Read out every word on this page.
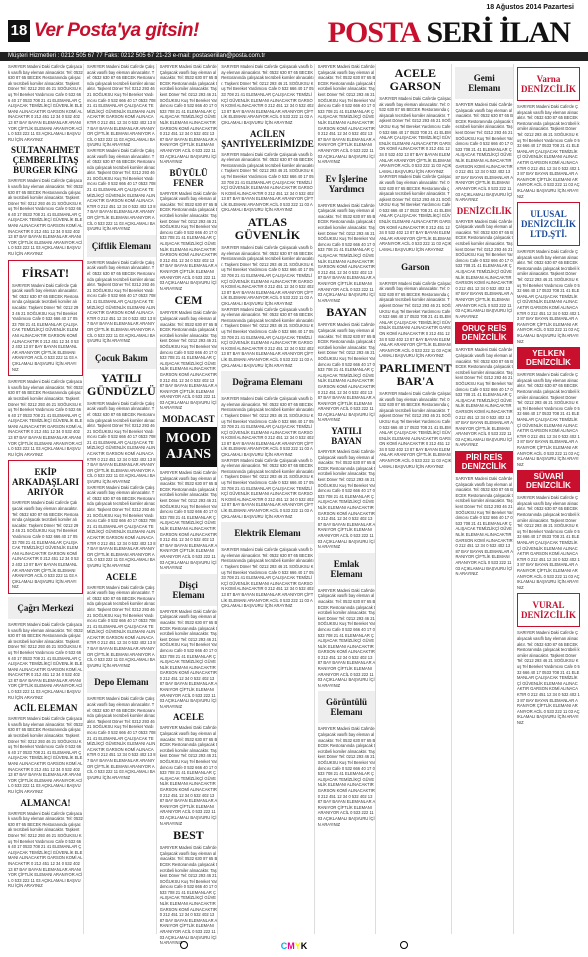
18 Ağustos 2014 Pazartesi
18 Ver Posta'ya gitsin!	POSTA SERİ İLAN
Müşteri Hizmetleri : 0212 505 67 77 Faks: 0212 505 67 21-23 e-mail: postaseriilan@posta.com.tr
SARIYER Madeni Daki Cafe'de Çalışacak vasıflı bay eleman alınacaktır. Tel: 0532 630 87 65 BECEK Restoranında çalışacak tecrübeli komiler alınacaktır. Taşkent Döner Tel: 0212 293 46 21 SOĞUKSU Kuş Tel Bereket Yardımcısı Cafe 0 532 666 40 17 0533 708 21 41 ELEMANLAR ÇALIŞACAK TEMİZLİKÇİ GÜVENLİK ELEMANI ALINACAKTIR GARSON KOMİ ALINACAKTIR 0 212 451 12 34 0 532 402 13 87 BAY BAYAN ELEMANLAR ARANIYOR ÇİFTLİK ELEMANI ARANIYOR ACİL 0 533 222 11 03 AÇIKLAMALI BAŞVURU İÇİN ARAYINIZ
SULTANAHMET ÇEMBERLİTAŞ BURGER KİNG
SARIYER Madeni Daki Cafe'de Çalışacak vasıflı bay eleman alınacaktır. Tel: 0532 630 87 65 BECEK Restoranında çalışacak tecrübeli komiler alınacaktır. Taşkent Döner Tel: 0212 293 46 21 SOĞUKSU Kuş Tel Bereket Yardımcısı Cafe 0 532 666 40 17 0533 708 21 41 ELEMANLAR ÇALIŞACAK TEMİZLİKÇİ GÜVENLİK ELEMANI ALINACAKTIR GARSON KOMİ ALINACAKTIR 0 212 451 12 34 0 532 402 13 87 BAY BAYAN ELEMANLAR ARANIYOR ÇİFTLİK ELEMANI ARANIYOR ACİL 0 533 222 11 03 AÇIKLAMALI BAŞVURU İÇİN ARAYINIZ
FİRSAT!
SARIYER Madeni Daki Cafe'de Çalışacak vasıflı bay eleman alınacaktır. Tel: 0532 630 87 65 BECEK Restoranında çalışacak tecrübeli komiler alınacaktır. Taşkent Döner Tel: 0212 293 46 21 SOĞUKSU Kuş Tel Bereket Yardımcısı Cafe 0 532 666 40 17 0533 708 21 41 ELEMANLAR ÇALIŞACAK TEMİZLİKÇİ GÜVENLİK ELEMANI ALINACAKTIR GARSON KOMİ ALINACAKTIR 0 212 451 12 34 0 532 402 13 87 BAY BAYAN ELEMANLAR ARANIYOR ÇİFTLİK ELEMANI ARANIYOR ACİL 0 533 222 11 03 AÇIKLAMALI BAŞVURU İÇİN ARAYINIZ
SARIYER Madeni Daki Cafe'de Çalışacak vasıflı bay eleman alınacaktır. Tel: 0532 630 87 65 BECEK Restoranında çalışacak tecrübeli komiler alınacaktır. Taşkent Döner Tel: 0212 293 46 21 SOĞUKSU Kuş Tel Bereket Yardımcısı Cafe 0 532 666 40 17 0533 708 21 41 ELEMANLAR ÇALIŞACAK TEMİZLİKÇİ GÜVENLİK ELEMANI ALINACAKTIR GARSON KOMİ ALINACAKTIR 0 212 451 12 34 0 532 402 13 87 BAY BAYAN ELEMANLAR ARANIYOR ÇİFTLİK ELEMANI ARANIYOR ACİL 0 533 222 11 03 AÇIKLAMALI BAŞVURU İÇİN ARAYINIZ
EKİP ARKADAŞLARI ARIYOR
SARIYER Madeni Daki Cafe'de Çalışacak vasıflı bay eleman alınacaktır. Tel: 0532 630 87 65 BECEK Restoranında çalışacak tecrübeli komiler alınacaktır. Taşkent Döner Tel: 0212 293 46 21 SOĞUKSU Kuş Tel Bereket Yardımcısı Cafe 0 532 666 40 17 0533 708 21 41 ELEMANLAR ÇALIŞACAK TEMİZLİKÇİ GÜVENLİK ELEMANI ALINACAKTIR GARSON KOMİ ALINACAKTIR 0 212 451 12 34 0 532 402 13 87 BAY BAYAN ELEMANLAR ARANIYOR ÇİFTLİK ELEMANI ARANIYOR ACİL 0 533 222 11 03 AÇIKLAMALI BAŞVURU İÇİN ARAYINIZ
Çağrı Merkezi
SARIYER Madeni Daki Cafe'de Çalışacak vasıflı bay eleman alınacaktır. Tel: 0532 630 87 65 BECEK Restoranında çalışacak tecrübeli komiler alınacaktır. Taşkent Döner Tel: 0212 293 46 21 SOĞUKSU Kuş Tel Bereket Yardımcısı Cafe 0 532 666 40 17 0533 708 21 41 ELEMANLAR ÇALIŞACAK TEMİZLİKÇİ GÜVENLİK ELEMANI ALINACAKTIR GARSON KOMİ ALINACAKTIR 0 212 451 12 34 0 532 402 13 87 BAY BAYAN ELEMANLAR ARANIYOR ÇİFTLİK ELEMANI ARANIYOR ACİL 0 533 222 11 03 AÇIKLAMALI BAŞVURU İÇİN ARAYINIZ
ACİL ELEMAN
SARIYER Madeni Daki Cafe'de Çalışacak vasıflı bay eleman alınacaktır. Tel: 0532 630 87 65 BECEK Restoranında çalışacak tecrübeli komiler alınacaktır. Taşkent Döner Tel: 0212 293 46 21 SOĞUKSU Kuş Tel Bereket Yardımcısı Cafe 0 532 666 40 17 0533 708 21 41 ELEMANLAR ÇALIŞACAK TEMİZLİKÇİ GÜVENLİK ELEMANI ALINACAKTIR GARSON KOMİ ALINACAKTIR 0 212 451 12 34 0 532 402 13 87 BAY BAYAN ELEMANLAR ARANIYOR ÇİFTLİK ELEMANI ARANIYOR ACİL 0 533 222 11 03 AÇIKLAMALI BAŞVURU İÇİN ARAYINIZ
ALMANCA!
SARIYER Madeni Daki Cafe'de Çalışacak vasıflı bay eleman alınacaktır. Tel: 0532 630 87 65 BECEK Restoranında çalışacak tecrübeli komiler alınacaktır. Taşkent Döner Tel: 0212 293 46 21 SOĞUKSU Kuş Tel Bereket Yardımcısı Cafe 0 532 666 40 17 0533 708 21 41 ELEMANLAR ÇALIŞACAK TEMİZLİKÇİ GÜVENLİK ELEMANI ALINACAKTIR GARSON KOMİ ALINACAKTIR 0 212 451 12 34 0 532 402 13 87 BAY BAYAN ELEMANLAR ARANIYOR ÇİFTLİK ELEMANI ARANIYOR ACİL 0 533 222 11 03 AÇIKLAMALI BAŞVURU İÇİN ARAYINIZ
SARIYER Madeni Daki Cafe'de Çalışacak vasıflı bay eleman alınacaktır. Tel: 0532 630 87 65 BECEK Restoranında çalışacak tecrübeli komiler alınacaktır. Taşkent Döner Tel: 0212 293 46 21 SOĞUKSU Kuş Tel Bereket Yardımcısı Cafe 0 532 666 40 17 0533 708 21 41 ELEMANLAR ÇALIŞACAK TEMİZLİKÇİ GÜVENLİK ELEMANI ALINACAKTIR GARSON KOMİ ALINACAKTIR 0 212 451 12 34 0 532 402 13 87 BAY BAYAN ELEMANLAR ARANIYOR ÇİFTLİK ELEMANI ARANIYOR ACİL 0 533 222 11 03 AÇIKLAMALI BAŞVURU İÇİN ARAYINIZ
SARIYER Madeni Daki Cafe'de Çalışacak vasıflı bay eleman alınacaktır. Tel: 0532 630 87 65 BECEK Restoranında çalışacak tecrübeli komiler alınacaktır. Taşkent Döner Tel: 0212 293 46 21 SOĞUKSU Kuş Tel Bereket Yardımcısı Cafe 0 532 666 40 17 0533 708 21 41 ELEMANLAR ÇALIŞACAK TEMİZLİKÇİ GÜVENLİK ELEMANI ALINACAKTIR GARSON KOMİ ALINACAKTIR 0 212 451 12 34 0 532 402 13 87 BAY BAYAN ELEMANLAR ARANIYOR ÇİFTLİK ELEMANI ARANIYOR ACİL 0 533 222 11 03 AÇIKLAMALI BAŞVURU İÇİN ARAYINIZ
Çiftlik Elemanı
SARIYER Madeni Daki Cafe'de Çalışacak vasıflı bay eleman alınacaktır. Tel: 0532 630 87 65 BECEK Restoranında çalışacak tecrübeli komiler alınacaktır. Taşkent Döner Tel: 0212 293 46 21 SOĞUKSU Kuş Tel Bereket Yardımcısı Cafe 0 532 666 40 17 0533 708 21 41 ELEMANLAR ÇALIŞACAK TEMİZLİKÇİ GÜVENLİK ELEMANI ALINACAKTIR GARSON KOMİ ALINACAKTIR 0 212 451 12 34 0 532 402 13 87 BAY BAYAN ELEMANLAR ARANIYOR ÇİFTLİK ELEMANI ARANIYOR ACİL 0 533 222 11 03 AÇIKLAMALI BAŞVURU İÇİN ARAYINIZ
Çocuk Bakım
YATILI GÜNDÜZLÜ
SARIYER Madeni Daki Cafe'de Çalışacak vasıflı bay eleman alınacaktır. Tel: 0532 630 87 65 BECEK Restoranında çalışacak tecrübeli komiler alınacaktır. Taşkent Döner Tel: 0212 293 46 21 SOĞUKSU Kuş Tel Bereket Yardımcısı Cafe 0 532 666 40 17 0533 708 21 41 ELEMANLAR ÇALIŞACAK TEMİZLİKÇİ GÜVENLİK ELEMANI ALINACAKTIR GARSON KOMİ ALINACAKTIR 0 212 451 12 34 0 532 402 13 87 BAY BAYAN ELEMANLAR ARANIYOR ÇİFTLİK ELEMANI ARANIYOR ACİL 0 533 222 11 03 AÇIKLAMALI BAŞVURU İÇİN ARAYINIZ
SARIYER Madeni Daki Cafe'de Çalışacak vasıflı bay eleman alınacaktır. Tel: 0532 630 87 65 BECEK Restoranında çalışacak tecrübeli komiler alınacaktır. Taşkent Döner Tel: 0212 293 46 21 SOĞUKSU Kuş Tel Bereket Yardımcısı Cafe 0 532 666 40 17 0533 708 21 41 ELEMANLAR ÇALIŞACAK TEMİZLİKÇİ GÜVENLİK ELEMANI ALINACAKTIR GARSON KOMİ ALINACAKTIR 0 212 451 12 34 0 532 402 13 87 BAY BAYAN ELEMANLAR ARANIYOR ÇİFTLİK ELEMANI ARANIYOR ACİL 0 533 222 11 03 AÇIKLAMALI BAŞVURU İÇİN ARAYINIZ
ACELE
SARIYER Madeni Daki Cafe'de Çalışacak vasıflı bay eleman alınacaktır. Tel: 0532 630 87 65 BECEK Restoranında çalışacak tecrübeli komiler alınacaktır. Taşkent Döner Tel: 0212 293 46 21 SOĞUKSU Kuş Tel Bereket Yardımcısı Cafe 0 532 666 40 17 0533 708 21 41 ELEMANLAR ÇALIŞACAK TEMİZLİKÇİ GÜVENLİK ELEMANI ALINACAKTIR GARSON KOMİ ALINACAKTIR 0 212 451 12 34 0 532 402 13 87 BAY BAYAN ELEMANLAR ARANIYOR ÇİFTLİK ELEMANI ARANIYOR ACİL 0 533 222 11 03 AÇIKLAMALI BAŞVURU İÇİN ARAYINIZ
Depo Elemanı
SARIYER Madeni Daki Cafe'de Çalışacak vasıflı bay eleman alınacaktır. Tel: 0532 630 87 65 BECEK Restoranında çalışacak tecrübeli komiler alınacaktır. Taşkent Döner Tel: 0212 293 46 21 SOĞUKSU Kuş Tel Bereket Yardımcısı Cafe 0 532 666 40 17 0533 708 21 41 ELEMANLAR ÇALIŞACAK TEMİZLİKÇİ GÜVENLİK ELEMANI ALINACAKTIR GARSON KOMİ ALINACAKTIR 0 212 451 12 34 0 532 402 13 87 BAY BAYAN ELEMANLAR ARANIYOR ÇİFTLİK ELEMANI ARANIYOR ACİL 0 533 222 11 03 AÇIKLAMALI BAŞVURU İÇİN ARAYINIZ
SARIYER Madeni Daki Cafe'de Çalışacak vasıflı bay eleman alınacaktır. Tel: 0532 630 87 65 BECEK Restoranında çalışacak tecrübeli komiler alınacaktır. Taşkent Döner Tel: 0212 293 46 21 SOĞUKSU Kuş Tel Bereket Yardımcısı Cafe 0 532 666 40 17 0533 708 21 41 ELEMANLAR ÇALIŞACAK TEMİZLİKÇİ GÜVENLİK ELEMANI ALINACAKTIR GARSON KOMİ ALINACAKTIR 0 212 451 12 34 0 532 402 13 87 BAY BAYAN ELEMANLAR ARANIYOR ÇİFTLİK ELEMANI ARANIYOR ACİL 0 533 222 11 03 AÇIKLAMALI BAŞVURU İÇİN ARAYINIZ
BÜYÜLÜ FENER
SARIYER Madeni Daki Cafe'de Çalışacak vasıflı bay eleman alınacaktır. Tel: 0532 630 87 65 BECEK Restoranında çalışacak tecrübeli komiler alınacaktır. Taşkent Döner Tel: 0212 293 46 21 SOĞUKSU Kuş Tel Bereket Yardımcısı Cafe 0 532 666 40 17 0533 708 21 41 ELEMANLAR ÇALIŞACAK TEMİZLİKÇİ GÜVENLİK ELEMANI ALINACAKTIR GARSON KOMİ ALINACAKTIR 0 212 451 12 34 0 532 402 13 87 BAY BAYAN ELEMANLAR ARANIYOR ÇİFTLİK ELEMANI ARANIYOR ACİL 0 533 222 11 03 AÇIKLAMALI BAŞVURU İÇİN ARAYINIZ
CEM
SARIYER Madeni Daki Cafe'de Çalışacak vasıflı bay eleman alınacaktır. Tel: 0532 630 87 65 BECEK Restoranında çalışacak tecrübeli komiler alınacaktır. Taşkent Döner Tel: 0212 293 46 21 SOĞUKSU Kuş Tel Bereket Yardımcısı Cafe 0 532 666 40 17 0533 708 21 41 ELEMANLAR ÇALIŞACAK TEMİZLİKÇİ GÜVENLİK ELEMANI ALINACAKTIR GARSON KOMİ ALINACAKTIR 0 212 451 12 34 0 532 402 13 87 BAY BAYAN ELEMANLAR ARANIYOR ÇİFTLİK ELEMANI ARANIYOR ACİL 0 533 222 11 03 AÇIKLAMALI BAŞVURU İÇİN ARAYINIZ
MODACAST
MOOD AJANS
SARIYER Madeni Daki Cafe'de Çalışacak vasıflı bay eleman alınacaktır. Tel: 0532 630 87 65 BECEK Restoranında çalışacak tecrübeli komiler alınacaktır. Taşkent Döner Tel: 0212 293 46 21 SOĞUKSU Kuş Tel Bereket Yardımcısı Cafe 0 532 666 40 17 0533 708 21 41 ELEMANLAR ÇALIŞACAK TEMİZLİKÇİ GÜVENLİK ELEMANI ALINACAKTIR GARSON KOMİ ALINACAKTIR 0 212 451 12 34 0 532 402 13 87 BAY BAYAN ELEMANLAR ARANIYOR ÇİFTLİK ELEMANI ARANIYOR ACİL 0 533 222 11 03 AÇIKLAMALI BAŞVURU İÇİN ARAYINIZ
Dişçi Elemanı
SARIYER Madeni Daki Cafe'de Çalışacak vasıflı bay eleman alınacaktır. Tel: 0532 630 87 65 BECEK Restoranında çalışacak tecrübeli komiler alınacaktır. Taşkent Döner Tel: 0212 293 46 21 SOĞUKSU Kuş Tel Bereket Yardımcısı Cafe 0 532 666 40 17 0533 708 21 41 ELEMANLAR ÇALIŞACAK TEMİZLİKÇİ GÜVENLİK ELEMANI ALINACAKTIR GARSON KOMİ ALINACAKTIR 0 212 451 12 34 0 532 402 13 87 BAY BAYAN ELEMANLAR ARANIYOR ÇİFTLİK ELEMANI ARANIYOR ACİL 0 533 222 11 03 AÇIKLAMALI BAŞVURU İÇİN ARAYINIZ
ACELE
SARIYER Madeni Daki Cafe'de Çalışacak vasıflı bay eleman alınacaktır. Tel: 0532 630 87 65 BECEK Restoranında çalışacak tecrübeli komiler alınacaktır. Taşkent Döner Tel: 0212 293 46 21 SOĞUKSU Kuş Tel Bereket Yardımcısı Cafe 0 532 666 40 17 0533 708 21 41 ELEMANLAR ÇALIŞACAK TEMİZLİKÇİ GÜVENLİK ELEMANI ALINACAKTIR GARSON KOMİ ALINACAKTIR 0 212 451 12 34 0 532 402 13 87 BAY BAYAN ELEMANLAR ARANIYOR ÇİFTLİK ELEMANI ARANIYOR ACİL 0 533 222 11 03 AÇIKLAMALI BAŞVURU İÇİN ARAYINIZ
BEST
SARIYER Madeni Daki Cafe'de Çalışacak vasıflı bay eleman alınacaktır. Tel: 0532 630 87 65 BECEK Restoranında çalışacak tecrübeli komiler alınacaktır. Taşkent Döner Tel: 0212 293 46 21 SOĞUKSU Kuş Tel Bereket Yardımcısı Cafe 0 532 666 40 17 0533 708 21 41 ELEMANLAR ÇALIŞACAK TEMİZLİKÇİ GÜVENLİK ELEMANI ALINACAKTIR GARSON KOMİ ALINACAKTIR 0 212 451 12 34 0 532 402 13 87 BAY BAYAN ELEMANLAR ARANIYOR ÇİFTLİK ELEMANI ARANIYOR ACİL 0 533 222 11 03 AÇIKLAMALI BAŞVURU İÇİN ARAYINIZ
SARIYER Madeni Daki Cafe'de Çalışacak vasıflı bay eleman alınacaktır. Tel: 0532 630 87 65 BECEK Restoranında çalışacak tecrübeli komiler alınacaktır. Taşkent Döner Tel: 0212 293 46 21 SOĞUKSU Kuş Tel Bereket Yardımcısı Cafe 0 532 666 40 17 0533 708 21 41 ELEMANLAR ÇALIŞACAK TEMİZLİKÇİ GÜVENLİK ELEMANI ALINACAKTIR GARSON KOMİ ALINACAKTIR 0 212 451 12 34 0 532 402 13 87 BAY BAYAN ELEMANLAR ARANIYOR ÇİFTLİK ELEMANI ARANIYOR ACİL 0 533 222 11 03 AÇIKLAMALI BAŞVURU İÇİN ARAYINIZ
ACİLEN ŞANTİYELERİMİZDE
SARIYER Madeni Daki Cafe'de Çalışacak vasıflı bay eleman alınacaktır. Tel: 0532 630 87 65 BECEK Restoranında çalışacak tecrübeli komiler alınacaktır. Taşkent Döner Tel: 0212 293 46 21 SOĞUKSU Kuş Tel Bereket Yardımcısı Cafe 0 532 666 40 17 0533 708 21 41 ELEMANLAR ÇALIŞACAK TEMİZLİKÇİ GÜVENLİK ELEMANI ALINACAKTIR GARSON KOMİ ALINACAKTIR 0 212 451 12 34 0 532 402 13 87 BAY BAYAN ELEMANLAR ARANIYOR ÇİFTLİK ELEMANI ARANIYOR ACİL 0 533 222 11 03 AÇIKLAMALI BAŞVURU İÇİN ARAYINIZ
ATLAS GÜVENLİK
SARIYER Madeni Daki Cafe'de Çalışacak vasıflı bay eleman alınacaktır. Tel: 0532 630 87 65 BECEK Restoranında çalışacak tecrübeli komiler alınacaktır. Taşkent Döner Tel: 0212 293 46 21 SOĞUKSU Kuş Tel Bereket Yardımcısı Cafe 0 532 666 40 17 0533 708 21 41 ELEMANLAR ÇALIŞACAK TEMİZLİKÇİ GÜVENLİK ELEMANI ALINACAKTIR GARSON KOMİ ALINACAKTIR 0 212 451 12 34 0 532 402 13 87 BAY BAYAN ELEMANLAR ARANIYOR ÇİFTLİK ELEMANI ARANIYOR ACİL 0 533 222 11 03 AÇIKLAMALI BAŞVURU İÇİN ARAYINIZ
SARIYER Madeni Daki Cafe'de Çalışacak vasıflı bay eleman alınacaktır. Tel: 0532 630 87 65 BECEK Restoranında çalışacak tecrübeli komiler alınacaktır. Taşkent Döner Tel: 0212 293 46 21 SOĞUKSU Kuş Tel Bereket Yardımcısı Cafe 0 532 666 40 17 0533 708 21 41 ELEMANLAR ÇALIŞACAK TEMİZLİKÇİ GÜVENLİK ELEMANI ALINACAKTIR GARSON KOMİ ALINACAKTIR 0 212 451 12 34 0 532 402 13 87 BAY BAYAN ELEMANLAR ARANIYOR ÇİFTLİK ELEMANI ARANIYOR ACİL 0 533 222 11 03 AÇIKLAMALI BAŞVURU İÇİN ARAYINIZ
Doğrama Elemanı
SARIYER Madeni Daki Cafe'de Çalışacak vasıflı bay eleman alınacaktır. Tel: 0532 630 87 65 BECEK Restoranında çalışacak tecrübeli komiler alınacaktır. Taşkent Döner Tel: 0212 293 46 21 SOĞUKSU Kuş Tel Bereket Yardımcısı Cafe 0 532 666 40 17 0533 708 21 41 ELEMANLAR ÇALIŞACAK TEMİZLİKÇİ GÜVENLİK ELEMANI ALINACAKTIR GARSON KOMİ ALINACAKTIR 0 212 451 12 34 0 532 402 13 87 BAY BAYAN ELEMANLAR ARANIYOR ÇİFTLİK ELEMANI ARANIYOR ACİL 0 533 222 11 03 AÇIKLAMALI BAŞVURU İÇİN ARAYINIZ
SARIYER Madeni Daki Cafe'de Çalışacak vasıflı bay eleman alınacaktır. Tel: 0532 630 87 65 BECEK Restoranında çalışacak tecrübeli komiler alınacaktır. Taşkent Döner Tel: 0212 293 46 21 SOĞUKSU Kuş Tel Bereket Yardımcısı Cafe 0 532 666 40 17 0533 708 21 41 ELEMANLAR ÇALIŞACAK TEMİZLİKÇİ GÜVENLİK ELEMANI ALINACAKTIR GARSON KOMİ ALINACAKTIR 0 212 451 12 34 0 532 402 13 87 BAY BAYAN ELEMANLAR ARANIYOR ÇİFTLİK ELEMANI ARANIYOR ACİL 0 533 222 11 03 AÇIKLAMALI BAŞVURU İÇİN ARAYINIZ
Elektrik Elemanı
SARIYER Madeni Daki Cafe'de Çalışacak vasıflı bay eleman alınacaktır. Tel: 0532 630 87 65 BECEK Restoranında çalışacak tecrübeli komiler alınacaktır. Taşkent Döner Tel: 0212 293 46 21 SOĞUKSU Kuş Tel Bereket Yardımcısı Cafe 0 532 666 40 17 0533 708 21 41 ELEMANLAR ÇALIŞACAK TEMİZLİKÇİ GÜVENLİK ELEMANI ALINACAKTIR GARSON KOMİ ALINACAKTIR 0 212 451 12 34 0 532 402 13 87 BAY BAYAN ELEMANLAR ARANIYOR ÇİFTLİK ELEMANI ARANIYOR ACİL 0 533 222 11 03 AÇIKLAMALI BAŞVURU İÇİN ARAYINIZ
SARIYER Madeni Daki Cafe'de Çalışacak vasıflı bay eleman alınacaktır. Tel: 0532 630 87 65 BECEK Restoranında çalışacak tecrübeli komiler alınacaktır. Taşkent Döner Tel: 0212 293 46 21 SOĞUKSU Kuş Tel Bereket Yardımcısı Cafe 0 532 666 40 17 0533 708 21 41 ELEMANLAR ÇALIŞACAK TEMİZLİKÇİ GÜVENLİK ELEMANI ALINACAKTIR GARSON KOMİ ALINACAKTIR 0 212 451 12 34 0 532 402 13 87 BAY BAYAN ELEMANLAR ARANIYOR ÇİFTLİK ELEMANI ARANIYOR ACİL 0 533 222 11 03 AÇIKLAMALI BAŞVURU İÇİN ARAYINIZ
Ev İşlerine Yardımcı
SARIYER Madeni Daki Cafe'de Çalışacak vasıflı bay eleman alınacaktır. Tel: 0532 630 87 65 BECEK Restoranında çalışacak tecrübeli komiler alınacaktır. Taşkent Döner Tel: 0212 293 46 21 SOĞUKSU Kuş Tel Bereket Yardımcısı Cafe 0 532 666 40 17 0533 708 21 41 ELEMANLAR ÇALIŞACAK TEMİZLİKÇİ GÜVENLİK ELEMANI ALINACAKTIR GARSON KOMİ ALINACAKTIR 0 212 451 12 34 0 532 402 13 87 BAY BAYAN ELEMANLAR ARANIYOR ÇİFTLİK ELEMANI ARANIYOR ACİL 0 533 222 11 03 AÇIKLAMALI BAŞVURU İÇİN ARAYINIZ
BAYAN
SARIYER Madeni Daki Cafe'de Çalışacak vasıflı bay eleman alınacaktır. Tel: 0532 630 87 65 BECEK Restoranında çalışacak tecrübeli komiler alınacaktır. Taşkent Döner Tel: 0212 293 46 21 SOĞUKSU Kuş Tel Bereket Yardımcısı Cafe 0 532 666 40 17 0533 708 21 41 ELEMANLAR ÇALIŞACAK TEMİZLİKÇİ GÜVENLİK ELEMANI ALINACAKTIR GARSON KOMİ ALINACAKTIR 0 212 451 12 34 0 532 402 13 87 BAY BAYAN ELEMANLAR ARANIYOR ÇİFTLİK ELEMANI ARANIYOR ACİL 0 533 222 11 03 AÇIKLAMALI BAŞVURU İÇİN ARAYINIZ
YATILI BAYAN
SARIYER Madeni Daki Cafe'de Çalışacak vasıflı bay eleman alınacaktır. Tel: 0532 630 87 65 BECEK Restoranında çalışacak tecrübeli komiler alınacaktır. Taşkent Döner Tel: 0212 293 46 21 SOĞUKSU Kuş Tel Bereket Yardımcısı Cafe 0 532 666 40 17 0533 708 21 41 ELEMANLAR ÇALIŞACAK TEMİZLİKÇİ GÜVENLİK ELEMANI ALINACAKTIR GARSON KOMİ ALINACAKTIR 0 212 451 12 34 0 532 402 13 87 BAY BAYAN ELEMANLAR ARANIYOR ÇİFTLİK ELEMANI ARANIYOR ACİL 0 533 222 11 03 AÇIKLAMALI BAŞVURU İÇİN ARAYINIZ
Emlak Elemanı
SARIYER Madeni Daki Cafe'de Çalışacak vasıflı bay eleman alınacaktır. Tel: 0532 630 87 65 BECEK Restoranında çalışacak tecrübeli komiler alınacaktır. Taşkent Döner Tel: 0212 293 46 21 SOĞUKSU Kuş Tel Bereket Yardımcısı Cafe 0 532 666 40 17 0533 708 21 41 ELEMANLAR ÇALIŞACAK TEMİZLİKÇİ GÜVENLİK ELEMANI ALINACAKTIR GARSON KOMİ ALINACAKTIR 0 212 451 12 34 0 532 402 13 87 BAY BAYAN ELEMANLAR ARANIYOR ÇİFTLİK ELEMANI ARANIYOR ACİL 0 533 222 11 03 AÇIKLAMALI BAŞVURU İÇİN ARAYINIZ
Görüntülü Elemanı
SARIYER Madeni Daki Cafe'de Çalışacak vasıflı bay eleman alınacaktır. Tel: 0532 630 87 65 BECEK Restoranında çalışacak tecrübeli komiler alınacaktır. Taşkent Döner Tel: 0212 293 46 21 SOĞUKSU Kuş Tel Bereket Yardımcısı Cafe 0 532 666 40 17 0533 708 21 41 ELEMANLAR ÇALIŞACAK TEMİZLİKÇİ GÜVENLİK ELEMANI ALINACAKTIR GARSON KOMİ ALINACAKTIR 0 212 451 12 34 0 532 402 13 87 BAY BAYAN ELEMANLAR ARANIYOR ÇİFTLİK ELEMANI ARANIYOR ACİL 0 533 222 11 03 AÇIKLAMALI BAŞVURU İÇİN ARAYINIZ
ACELE GARSON
SARIYER Madeni Daki Cafe'de Çalışacak vasıflı bay eleman alınacaktır. Tel: 0532 630 87 65 BECEK Restoranında çalışacak tecrübeli komiler alınacaktır. Taşkent Döner Tel: 0212 293 46 21 SOĞUKSU Kuş Tel Bereket Yardımcısı Cafe 0 532 666 40 17 0533 708 21 41 ELEMANLAR ÇALIŞACAK TEMİZLİKÇİ GÜVENLİK ELEMANI ALINACAKTIR GARSON KOMİ ALINACAKTIR 0 212 451 12 34 0 532 402 13 87 BAY BAYAN ELEMANLAR ARANIYOR ÇİFTLİK ELEMANI ARANIYOR ACİL 0 533 222 11 03 AÇIKLAMALI BAŞVURU İÇİN ARAYINIZ
SARIYER Madeni Daki Cafe'de Çalışacak vasıflı bay eleman alınacaktır. Tel: 0532 630 87 65 BECEK Restoranında çalışacak tecrübeli komiler alınacaktır. Taşkent Döner Tel: 0212 293 46 21 SOĞUKSU Kuş Tel Bereket Yardımcısı Cafe 0 532 666 40 17 0533 708 21 41 ELEMANLAR ÇALIŞACAK TEMİZLİKÇİ GÜVENLİK ELEMANI ALINACAKTIR GARSON KOMİ ALINACAKTIR 0 212 451 12 34 0 532 402 13 87 BAY BAYAN ELEMANLAR ARANIYOR ÇİFTLİK ELEMANI ARANIYOR ACİL 0 533 222 11 03 AÇIKLAMALI BAŞVURU İÇİN ARAYINIZ
Garson
SARIYER Madeni Daki Cafe'de Çalışacak vasıflı bay eleman alınacaktır. Tel: 0532 630 87 65 BECEK Restoranında çalışacak tecrübeli komiler alınacaktır. Taşkent Döner Tel: 0212 293 46 21 SOĞUKSU Kuş Tel Bereket Yardımcısı Cafe 0 532 666 40 17 0533 708 21 41 ELEMANLAR ÇALIŞACAK TEMİZLİKÇİ GÜVENLİK ELEMANI ALINACAKTIR GARSON KOMİ ALINACAKTIR 0 212 451 12 34 0 532 402 13 87 BAY BAYAN ELEMANLAR ARANIYOR ÇİFTLİK ELEMANI ARANIYOR ACİL 0 533 222 11 03 AÇIKLAMALI BAŞVURU İÇİN ARAYINIZ
PARLIMENT BAR'A
SARIYER Madeni Daki Cafe'de Çalışacak vasıflı bay eleman alınacaktır. Tel: 0532 630 87 65 BECEK Restoranında çalışacak tecrübeli komiler alınacaktır. Taşkent Döner Tel: 0212 293 46 21 SOĞUKSU Kuş Tel Bereket Yardımcısı Cafe 0 532 666 40 17 0533 708 21 41 ELEMANLAR ÇALIŞACAK TEMİZLİKÇİ GÜVENLİK ELEMANI ALINACAKTIR GARSON KOMİ ALINACAKTIR 0 212 451 12 34 0 532 402 13 87 BAY BAYAN ELEMANLAR ARANIYOR ÇİFTLİK ELEMANI ARANIYOR ACİL 0 533 222 11 03 AÇIKLAMALI BAŞVURU İÇİN ARAYINIZ
Gemi Elemanı
SARIYER Madeni Daki Cafe'de Çalışacak vasıflı bay eleman alınacaktır. Tel: 0532 630 87 65 BECEK Restoranında çalışacak tecrübeli komiler alınacaktır. Taşkent Döner Tel: 0212 293 46 21 SOĞUKSU Kuş Tel Bereket Yardımcısı Cafe 0 532 666 40 17 0533 708 21 41 ELEMANLAR ÇALIŞACAK TEMİZLİKÇİ GÜVENLİK ELEMANI ALINACAKTIR GARSON KOMİ ALINACAKTIR 0 212 451 12 34 0 532 402 13 87 BAY BAYAN ELEMANLAR ARANIYOR ÇİFTLİK ELEMANI ARANIYOR ACİL 0 533 222 11 03 AÇIKLAMALI BAŞVURU İÇİN ARAYINIZ
DENİZCİLİK
SARIYER Madeni Daki Cafe'de Çalışacak vasıflı bay eleman alınacaktır. Tel: 0532 630 87 65 BECEK Restoranında çalışacak tecrübeli komiler alınacaktır. Taşkent Döner Tel: 0212 293 46 21 SOĞUKSU Kuş Tel Bereket Yardımcısı Cafe 0 532 666 40 17 0533 708 21 41 ELEMANLAR ÇALIŞACAK TEMİZLİKÇİ GÜVENLİK ELEMANI ALINACAKTIR GARSON KOMİ ALINACAKTIR 0 212 451 12 34 0 532 402 13 87 BAY BAYAN ELEMANLAR ARANIYOR ÇİFTLİK ELEMANI ARANIYOR ACİL 0 533 222 11 03 AÇIKLAMALI BAŞVURU İÇİN ARAYINIZ
ORUÇ REİS DENİZCİLİK
SARIYER Madeni Daki Cafe'de Çalışacak vasıflı bay eleman alınacaktır. Tel: 0532 630 87 65 BECEK Restoranında çalışacak tecrübeli komiler alınacaktır. Taşkent Döner Tel: 0212 293 46 21 SOĞUKSU Kuş Tel Bereket Yardımcısı Cafe 0 532 666 40 17 0533 708 21 41 ELEMANLAR ÇALIŞACAK TEMİZLİKÇİ GÜVENLİK ELEMANI ALINACAKTIR GARSON KOMİ ALINACAKTIR 0 212 451 12 34 0 532 402 13 87 BAY BAYAN ELEMANLAR ARANIYOR ÇİFTLİK ELEMANI ARANIYOR ACİL 0 533 222 11 03 AÇIKLAMALI BAŞVURU İÇİN ARAYINIZ
PİRİ REİS DENİZCİLİK
SARIYER Madeni Daki Cafe'de Çalışacak vasıflı bay eleman alınacaktır. Tel: 0532 630 87 65 BECEK Restoranında çalışacak tecrübeli komiler alınacaktır. Taşkent Döner Tel: 0212 293 46 21 SOĞUKSU Kuş Tel Bereket Yardımcısı Cafe 0 532 666 40 17 0533 708 21 41 ELEMANLAR ÇALIŞACAK TEMİZLİKÇİ GÜVENLİK ELEMANI ALINACAKTIR GARSON KOMİ ALINACAKTIR 0 212 451 12 34 0 532 402 13 87 BAY BAYAN ELEMANLAR ARANIYOR ÇİFTLİK ELEMANI ARANIYOR ACİL 0 533 222 11 03 AÇIKLAMALI BAŞVURU İÇİN ARAYINIZ
Varna DENİZCİLİK
SARIYER Madeni Daki Cafe'de Çalışacak vasıflı bay eleman alınacaktır. Tel: 0532 630 87 65 BECEK Restoranında çalışacak tecrübeli komiler alınacaktır. Taşkent Döner Tel: 0212 293 46 21 SOĞUKSU Kuş Tel Bereket Yardımcısı Cafe 0 532 666 40 17 0533 708 21 41 ELEMANLAR ÇALIŞACAK TEMİZLİKÇİ GÜVENLİK ELEMANI ALINACAKTIR GARSON KOMİ ALINACAKTIR 0 212 451 12 34 0 532 402 13 87 BAY BAYAN ELEMANLAR ARANIYOR ÇİFTLİK ELEMANI ARANIYOR ACİL 0 533 222 11 03 AÇIKLAMALI BAŞVURU İÇİN ARAYINIZ
ULUSAL DENİZCİLİK LTD.ŞTİ.
SARIYER Madeni Daki Cafe'de Çalışacak vasıflı bay eleman alınacaktır. Tel: 0532 630 87 65 BECEK Restoranında çalışacak tecrübeli komiler alınacaktır. Taşkent Döner Tel: 0212 293 46 21 SOĞUKSU Kuş Tel Bereket Yardımcısı Cafe 0 532 666 40 17 0533 708 21 41 ELEMANLAR ÇALIŞACAK TEMİZLİKÇİ GÜVENLİK ELEMANI ALINACAKTIR GARSON KOMİ ALINACAKTIR 0 212 451 12 34 0 532 402 13 87 BAY BAYAN ELEMANLAR ARANIYOR ÇİFTLİK ELEMANI ARANIYOR ACİL 0 533 222 11 03 AÇIKLAMALI BAŞVURU İÇİN ARAYINIZ
YELKEN DENİZCİLİK
SARIYER Madeni Daki Cafe'de Çalışacak vasıflı bay eleman alınacaktır. Tel: 0532 630 87 65 BECEK Restoranında çalışacak tecrübeli komiler alınacaktır. Taşkent Döner Tel: 0212 293 46 21 SOĞUKSU Kuş Tel Bereket Yardımcısı Cafe 0 532 666 40 17 0533 708 21 41 ELEMANLAR ÇALIŞACAK TEMİZLİKÇİ GÜVENLİK ELEMANI ALINACAKTIR GARSON KOMİ ALINACAKTIR 0 212 451 12 34 0 532 402 13 87 BAY BAYAN ELEMANLAR ARANIYOR ÇİFTLİK ELEMANI ARANIYOR ACİL 0 533 222 11 03 AÇIKLAMALI BAŞVURU İÇİN ARAYINIZ
SÜVARİ DENİZCİLİK
SARIYER Madeni Daki Cafe'de Çalışacak vasıflı bay eleman alınacaktır. Tel: 0532 630 87 65 BECEK Restoranında çalışacak tecrübeli komiler alınacaktır. Taşkent Döner Tel: 0212 293 46 21 SOĞUKSU Kuş Tel Bereket Yardımcısı Cafe 0 532 666 40 17 0533 708 21 41 ELEMANLAR ÇALIŞACAK TEMİZLİKÇİ GÜVENLİK ELEMANI ALINACAKTIR GARSON KOMİ ALINACAKTIR 0 212 451 12 34 0 532 402 13 87 BAY BAYAN ELEMANLAR ARANIYOR ÇİFTLİK ELEMANI ARANIYOR ACİL 0 533 222 11 03 AÇIKLAMALI BAŞVURU İÇİN ARAYINIZ
VURAL DENİZCİLİK
SARIYER Madeni Daki Cafe'de Çalışacak vasıflı bay eleman alınacaktır. Tel: 0532 630 87 65 BECEK Restoranında çalışacak tecrübeli komiler alınacaktır. Taşkent Döner Tel: 0212 293 46 21 SOĞUKSU Kuş Tel Bereket Yardımcısı Cafe 0 532 666 40 17 0533 708 21 41 ELEMANLAR ÇALIŞACAK TEMİZLİKÇİ GÜVENLİK ELEMANI ALINACAKTIR GARSON KOMİ ALINACAKTIR 0 212 451 12 34 0 532 402 13 87 BAY BAYAN ELEMANLAR ARANIYOR ÇİFTLİK ELEMANI ARANIYOR ACİL 0 533 222 11 03 AÇIKLAMALI BAŞVURU İÇİN ARAYINIZ
CMYK
